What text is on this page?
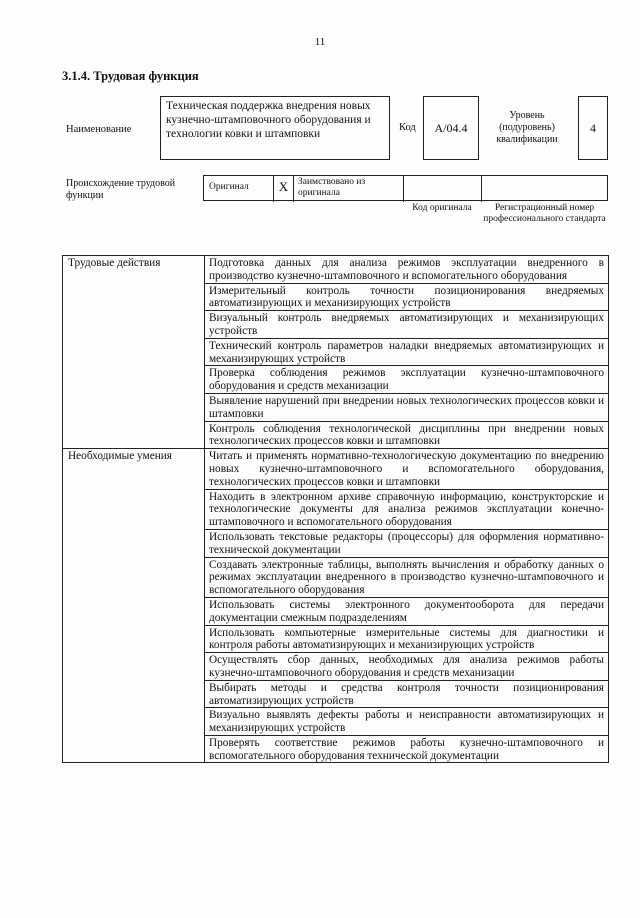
11
3.1.4. Трудовая функция
Наименование
Техническая поддержка внедрения новых кузнечно-штамповочного оборудования и технологии ковки и штамповки
Код	А/04.4
Уровень (подуровень) квалификации
4
Происхождение трудовой функции
Оригинал	X	Заимствовано из оригинала
Код оригинала	Регистрационный номер профессионального стандарта
Трудовые действия	Подготовка данных для анализа режимов эксплуатации внедренного в производство кузнечно-штамповочного и вспомогательного оборудования
	Измерительный контроль точности позиционирования внедряемых автоматизирующих и механизирующих устройств
	Визуальный контроль внедряемых автоматизирующих и механизирующих устройств
	Технический контроль параметров наладки внедряемых автоматизирующих и механизирующих устройств
	Проверка соблюдения режимов эксплуатации кузнечно-штамповочного оборудования и средств механизации
	Выявление нарушений при внедрении новых технологических процессов ковки и штамповки
	Контроль соблюдения технологической дисциплины при внедрении новых технологических процессов ковки и штамповки
Необходимые умения	Читать и применять нормативно-технологическую документацию по внедрению новых кузнечно-штамповочного и вспомогательного оборудования, технологических процессов ковки и штамповки
	Находить в электронном архиве справочную информацию, конструкторские и технологические документы для анализа режимов эксплуатации конечно-штамповочного и вспомогательного оборудования
	Использовать текстовые редакторы (процессоры) для оформления нормативно-технической документации
	Создавать электронные таблицы, выполнять вычисления и обработку данных о режимах эксплуатации внедренного в производство кузнечно-штамповочного и вспомогательного оборудования
	Использовать системы электронного документооборота для передачи документации смежным подразделениям
	Использовать компьютерные измерительные системы для диагностики и контроля работы автоматизирующих и механизирующих устройств
	Осуществлять сбор данных, необходимых для анализа режимов работы кузнечно-штамповочного оборудования и средств механизации
	Выбирать методы и средства контроля точности позиционирования автоматизирующих устройств
	Визуально выявлять дефекты работы и неисправности автоматизирующих и механизирующих устройств
	Проверять соответствие режимов работы кузнечно-штамповочного и вспомогательного оборудования технической документации
